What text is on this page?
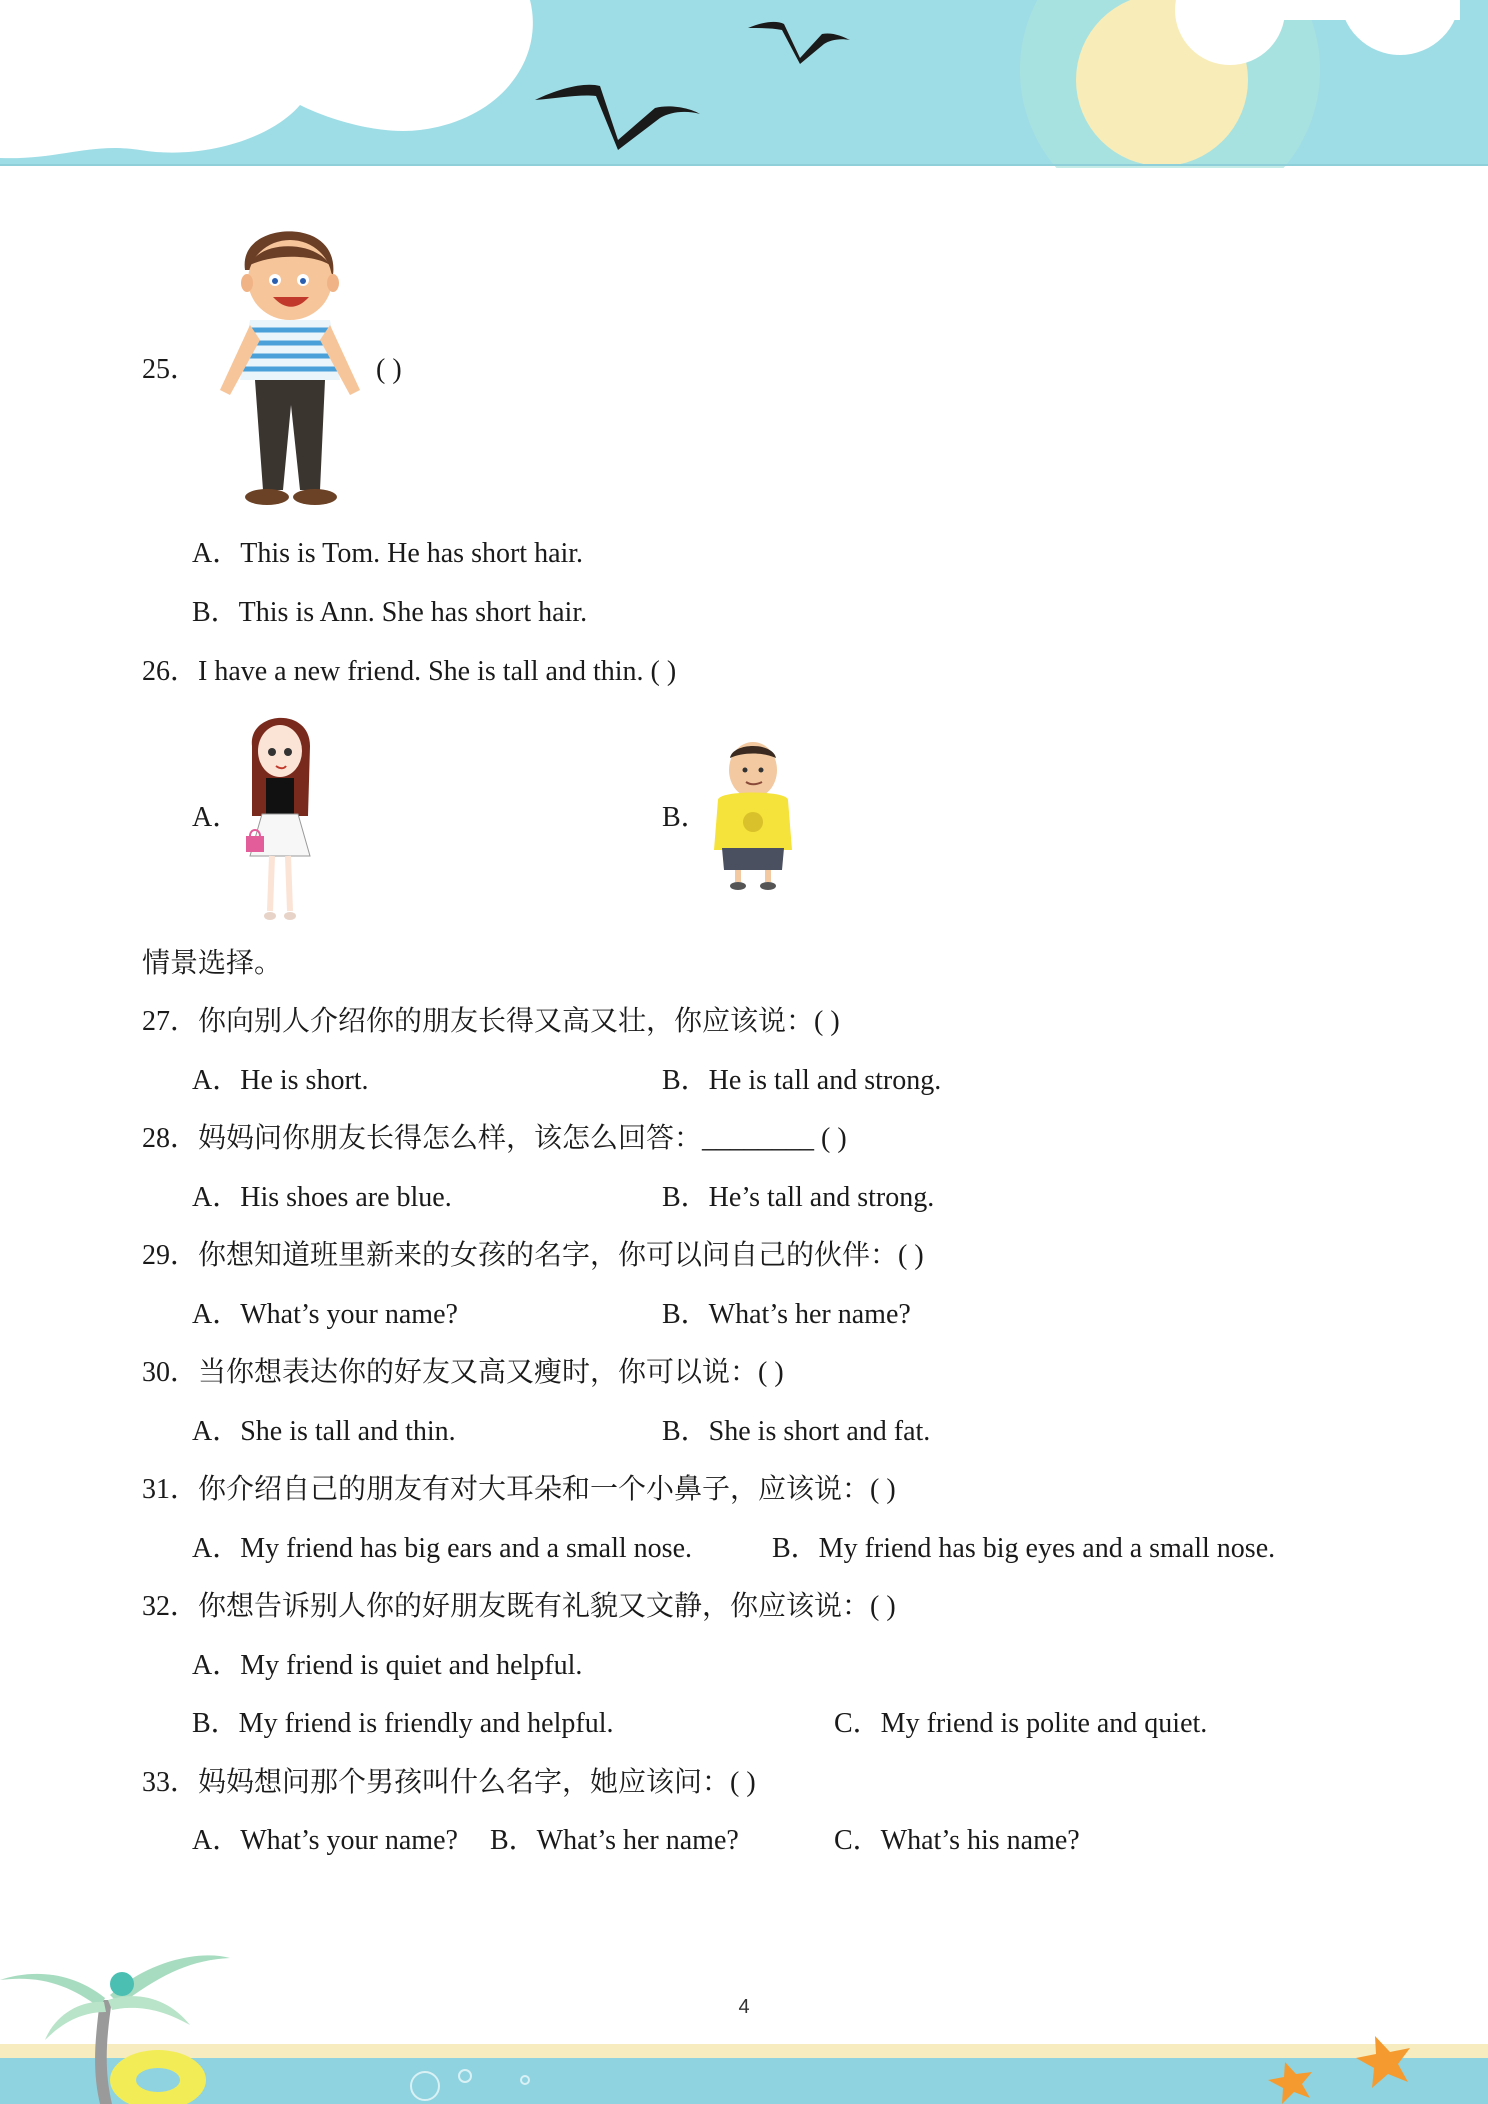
25．	( )
A．This is Tom. He has short hair.
B．This is Ann. She has short hair.
26．I have a new friend. She is tall and thin. ( )
A．	B．
情景选择。
27．你向别人介绍你的朋友长得又高又壮，你应该说：( )
A．He is short.	B．He is tall and strong.
28．妈妈问你朋友长得怎么样，该怎么回答：________ ( )
A．His shoes are blue.	B．He’s tall and strong.
29．你想知道班里新来的女孩的名字，你可以问自己的伙伴：( )
A．What’s your name?	B．What’s her name?
30．当你想表达你的好友又高又瘦时，你可以说：( )
A．She is tall and thin.	B．She is short and fat.
31．你介绍自己的朋友有对大耳朵和一个小鼻子，应该说：( )
A．My friend has big ears and a small nose.	B．My friend has big eyes and a small nose.
32．你想告诉别人你的好朋友既有礼貌又文静，你应该说：( )
A．My friend is quiet and helpful.
B．My friend is friendly and helpful.	C．My friend is polite and quiet.
33．妈妈想问那个男孩叫什么名字，她应该问：( )
A．What’s your name? B．What’s her name?	C．What’s his name?
4
